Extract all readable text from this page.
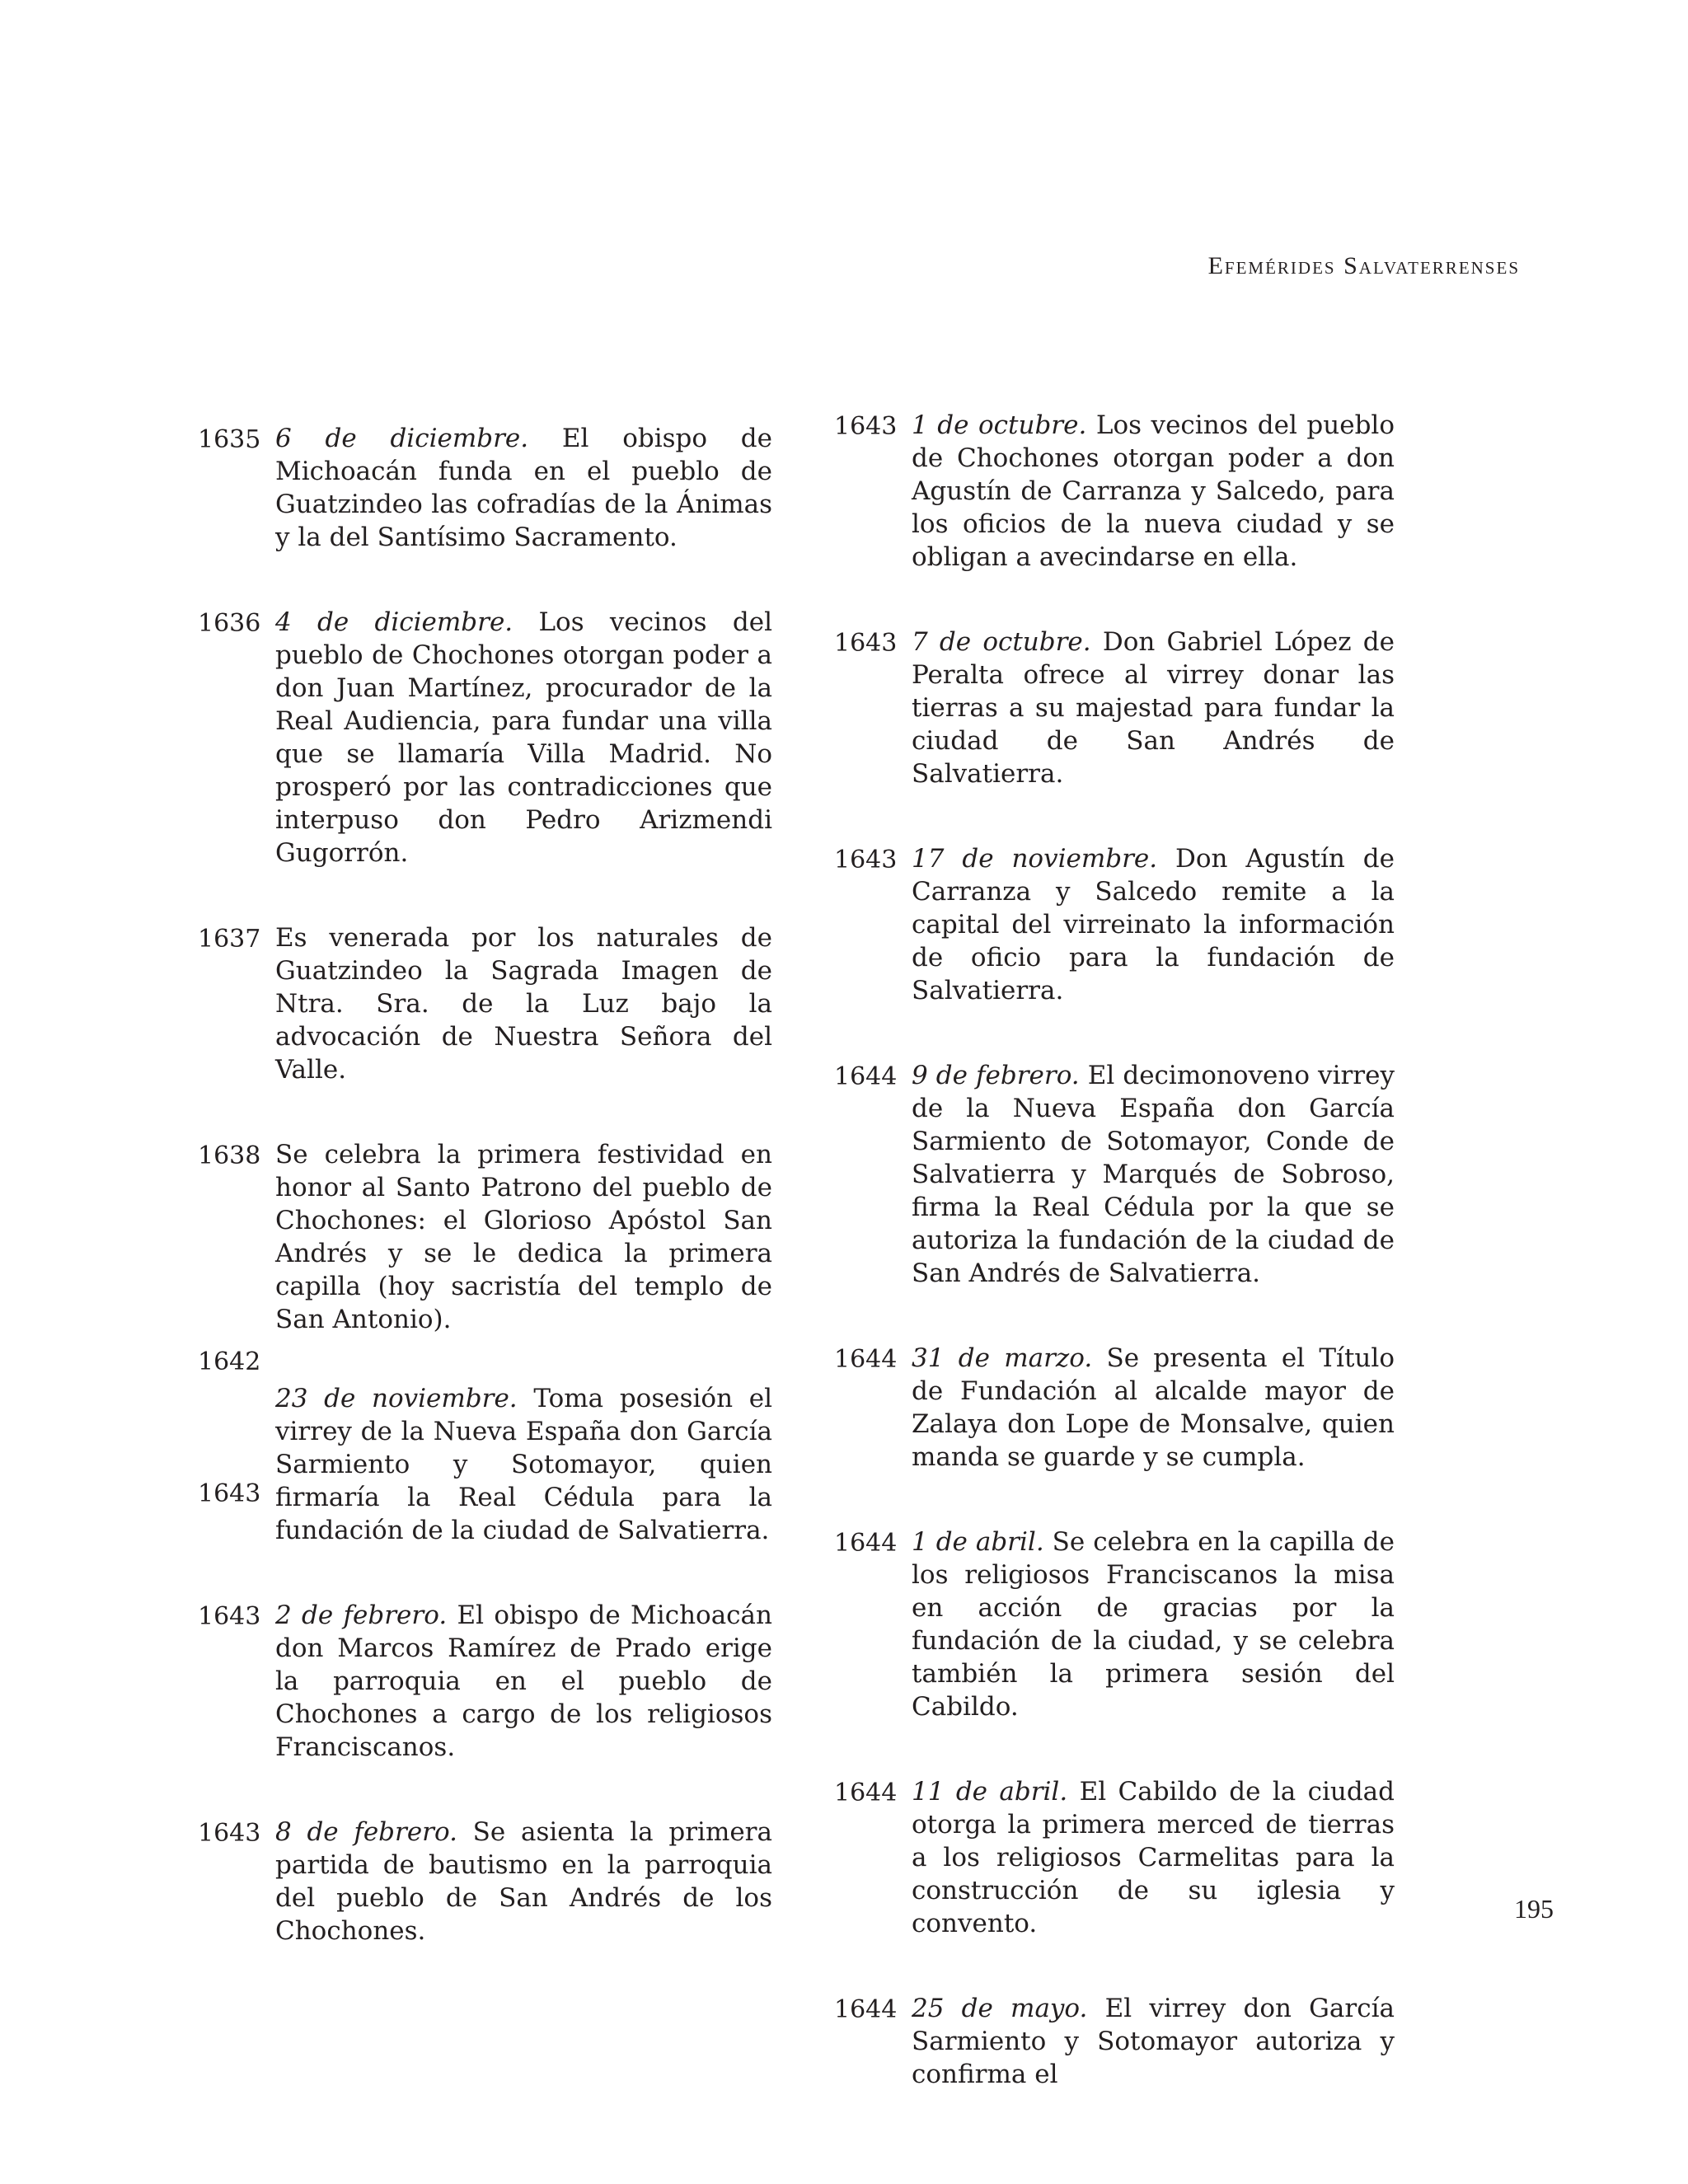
Efemérides Salvaterrenses
1635 6 de diciembre. El obispo de Michoacán funda en el pueblo de Guatzindeo las cofradías de la Ánimas y la del Santísimo Sacramento.
1636 4 de diciembre. Los vecinos del pueblo de Chochones otorgan poder a don Juan Martínez, procurador de la Real Audiencia, para fundar una villa que se llamaría Villa Madrid. No prosperó por las contradicciones que interpuso don Pedro Arizmendi Gugorrón.
1637 Es venerada por los naturales de Guatzindeo la Sagrada Imagen de Ntra. Sra. de la Luz bajo la advocación de Nuestra Señora del Valle.
1638 Se celebra la primera festividad en honor al Santo Patrono del pueblo de Chochones: el Glorioso Apóstol San Andrés y se le dedica la primera capilla (hoy sacristía del templo de San Antonio).
1642
1643
23 de noviembre. Toma posesión el virrey de la Nueva España don García Sarmiento y Sotomayor, quien firmaría la Real Cédula para la fundación de la ciudad de Salvatierra.
1643 2 de febrero. El obispo de Michoacán don Marcos Ramírez de Prado erige la parroquia en el pueblo de Chochones a cargo de los religiosos Franciscanos.
1643 8 de febrero. Se asienta la primera partida de bautismo en la parroquia del pueblo de San Andrés de los Chochones.
1643 1 de octubre. Los vecinos del pueblo de Chochones otorgan poder a don Agustín de Carranza y Salcedo, para los oficios de la nueva ciudad y se obligan a avecindarse en ella.
1643 7 de octubre. Don Gabriel López de Peralta ofrece al virrey donar las tierras a su majestad para fundar la ciudad de San Andrés de Salvatierra.
1643 17 de noviembre. Don Agustín de Carranza y Salcedo remite a la capital del virreinato la información de oficio para la fundación de Salvatierra.
1644 9 de febrero. El decimonoveno virrey de la Nueva España don García Sarmiento de Sotomayor, Conde de Salvatierra y Marqués de Sobroso, firma la Real Cédula por la que se autoriza la fundación de la ciudad de San Andrés de Salvatierra.
1644 31 de marzo. Se presenta el Título de Fundación al alcalde mayor de Zalaya don Lope de Monsalve, quien manda se guarde y se cumpla.
1644 1 de abril. Se celebra en la capilla de los religiosos Franciscanos la misa en acción de gracias por la fundación de la ciudad, y se celebra también la primera sesión del Cabildo.
1644 11 de abril. El Cabildo de la ciudad otorga la primera merced de tierras a los religiosos Carmelitas para la construcción de su iglesia y convento.
1644 25 de mayo. El virrey don García Sarmiento y Sotomayor autoriza y confirma el
195
